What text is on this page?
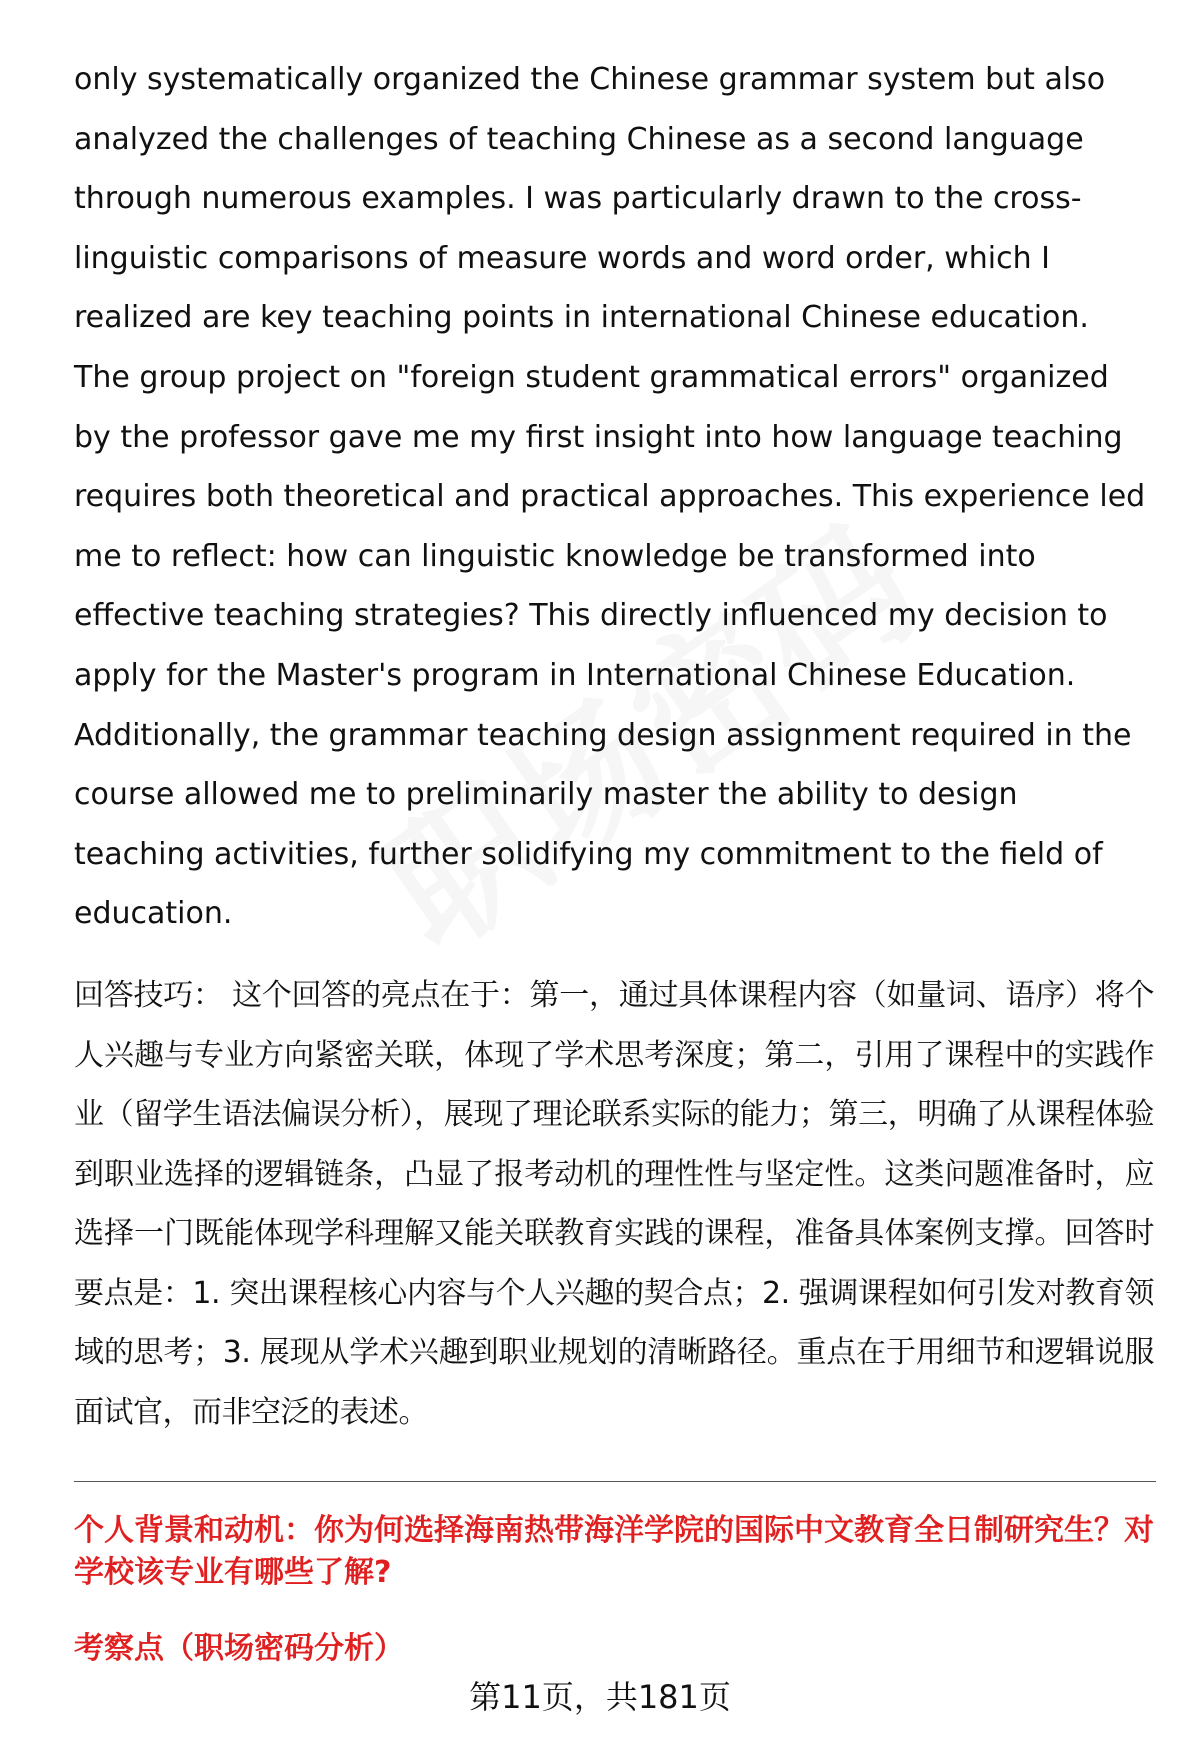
only systematically organized the Chinese grammar system but also analyzed the challenges of teaching Chinese as a second language through numerous examples. I was particularly drawn to the cross-linguistic comparisons of measure words and word order, which I realized are key teaching points in international Chinese education. The group project on "foreign student grammatical errors" organized by the professor gave me my first insight into how language teaching requires both theoretical and practical approaches. This experience led me to reflect: how can linguistic knowledge be transformed into effective teaching strategies? This directly influenced my decision to apply for the Master's program in International Chinese Education. Additionally, the grammar teaching design assignment required in the course allowed me to preliminarily master the ability to design teaching activities, further solidifying my commitment to the field of education.

回答技巧： 这个回答的亮点在于：第一，通过具体课程内容（如量词、语序）将个人兴趣与专业方向紧密关联，体现了学术思考深度；第二，引用了课程中的实践作业（留学生语法偏误分析），展现了理论联系实际的能力；第三，明确了从课程体验到职业选择的逻辑链条，凸显了报考动机的理性性与坚定性。这类问题准备时，应选择一门既能体现学科理解又能关联教育实践的课程，准备具体案例支撑。回答时要点是：1. 突出课程核心内容与个人兴趣的契合点；2. 强调课程如何引发对教育领域的思考；3. 展现从学术兴趣到职业规划的清晰路径。重点在于用细节和逻辑说服面试官，而非空泛的表述。

个人背景和动机：你为何选择海南热带海洋学院的国际中文教育全日制研究生？对学校该专业有哪些了解?

考察点（职场密码分析）

第11页，共181页
